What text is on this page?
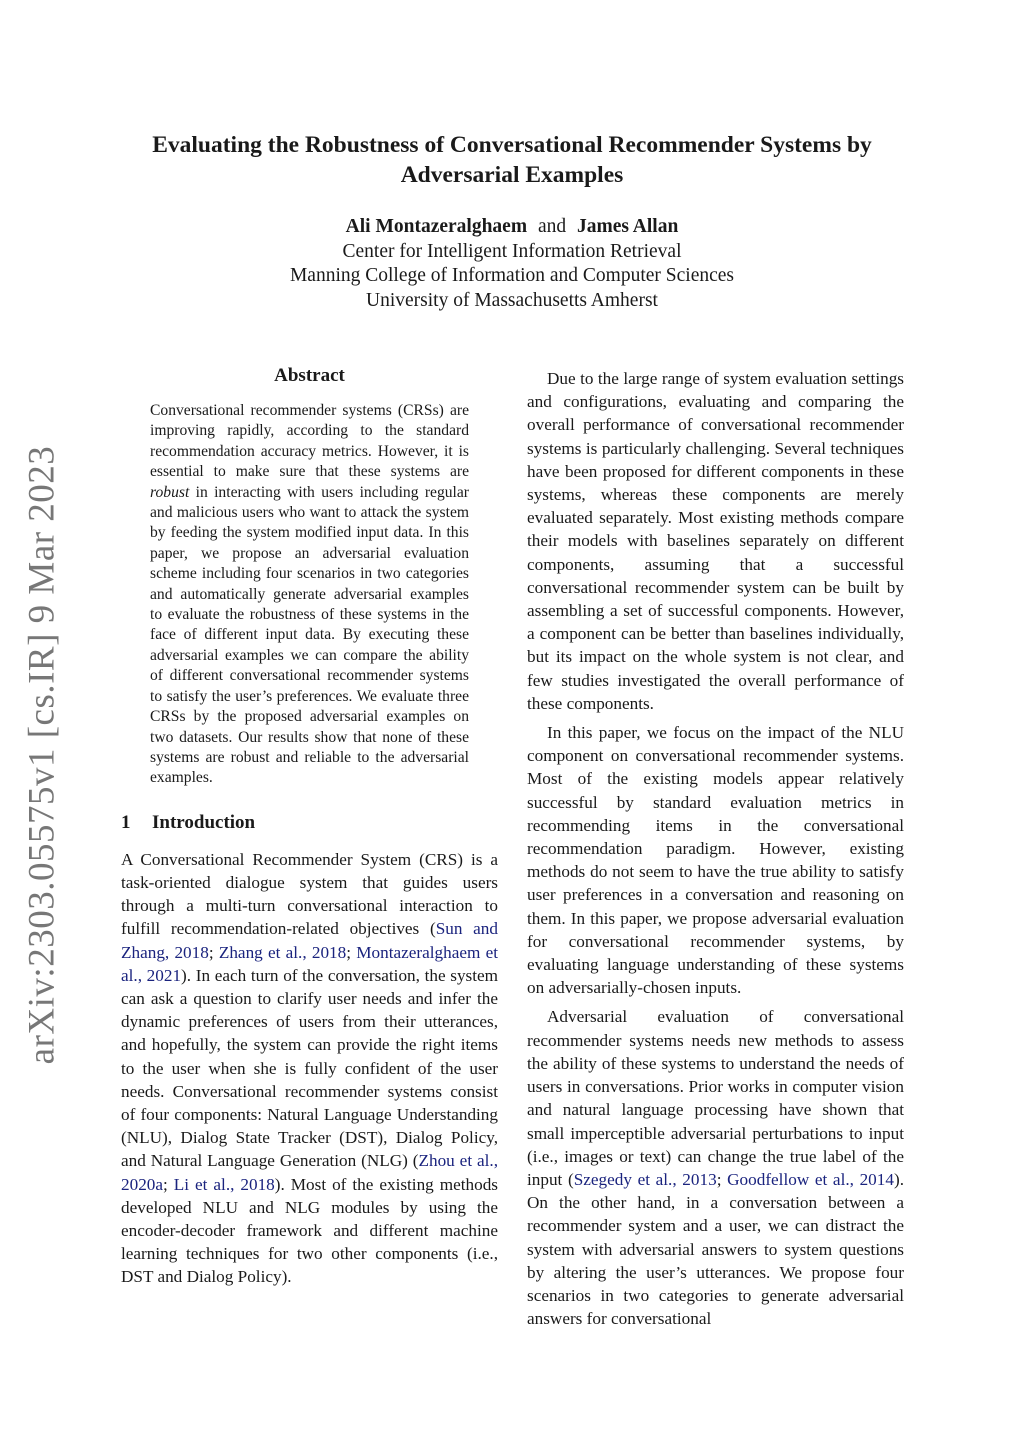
arXiv:2303.05575v1 [cs.IR] 9 Mar 2023
Evaluating the Robustness of Conversational Recommender Systems by
Adversarial Examples
Ali Montazeralghaem and James Allan
Center for Intelligent Information Retrieval
Manning College of Information and Computer Sciences
University of Massachusetts Amherst
Abstract

Conversational recommender systems (CRSs) are improving rapidly, according to the standard recommendation accuracy metrics. However, it is essential to make sure that these systems are robust in interacting with users including regular and malicious users who want to attack the system by feeding the system modified input data. In this paper, we propose an adversarial evaluation scheme including four scenarios in two categories and automatically generate adversarial examples to evaluate the robustness of these systems in the face of different input data. By executing these adversarial examples we can compare the ability of different conversational recommender systems to satisfy the user’s preferences. We evaluate three CRSs by the proposed adversarial examples on two datasets. Our results show that none of these systems are robust and reliable to the adversarial examples.

1 Introduction

A Conversational Recommender System (CRS) is a task-oriented dialogue system that guides users through a multi-turn conversational interaction to fulfill recommendation-related objectives (Sun and Zhang, 2018; Zhang et al., 2018; Montazeralghaem et al., 2021). In each turn of the conversation, the system can ask a question to clarify user needs and infer the dynamic preferences of users from their utterances, and hopefully, the system can provide the right items to the user when she is fully confident of the user needs. Conversational recommender systems consist of four components: Natural Language Understanding (NLU), Dialog State Tracker (DST), Dialog Policy, and Natural Language Generation (NLG) (Zhou et al., 2020a; Li et al., 2018). Most of the existing methods developed NLU and NLG modules by using the encoder-decoder framework and different machine learning techniques for two other components (i.e., DST and Dialog Policy).

Due to the large range of system evaluation settings and configurations, evaluating and comparing the overall performance of conversational recommender systems is particularly challenging. Several techniques have been proposed for different components in these systems, whereas these components are merely evaluated separately. Most existing methods compare their models with baselines separately on different components, assuming that a successful conversational recommender system can be built by assembling a set of successful components. However, a component can be better than baselines individually, but its impact on the whole system is not clear, and few studies investigated the overall performance of these components.

In this paper, we focus on the impact of the NLU component on conversational recommender systems. Most of the existing models appear relatively successful by standard evaluation metrics in recommending items in the conversational recommendation paradigm. However, existing methods do not seem to have the true ability to satisfy user preferences in a conversation and reasoning on them. In this paper, we propose adversarial evaluation for conversational recommender systems, by evaluating language understanding of these systems on adversarially-chosen inputs.

Adversarial evaluation of conversational recommender systems needs new methods to assess the ability of these systems to understand the needs of users in conversations. Prior works in computer vision and natural language processing have shown that small imperceptible adversarial perturbations to input (i.e., images or text) can change the true label of the input (Szegedy et al., 2013; Goodfellow et al., 2014). On the other hand, in a conversation between a recommender system and a user, we can distract the system with adversarial answers to system questions by altering the user’s utterances. We propose four scenarios in two categories to generate adversarial answers for conversational
